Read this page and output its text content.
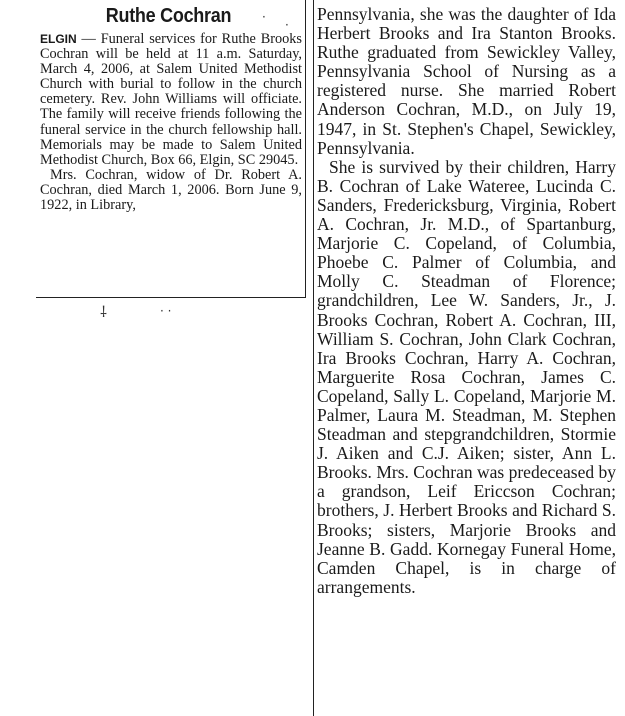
Ruthe Cochran

ELGIN — Funeral services for Ruthe Brooks Cochran will be held at 11 a.m. Saturday, March 4, 2006, at Salem United Methodist Church with burial to follow in the church cemetery. Rev. John Williams will officiate. The family will receive friends following the funeral service in the church fellowship hall. Memorials may be made to Salem United Methodist Church, Box 66, Elgin, SC 29045.

Mrs. Cochran, widow of Dr. Robert A. Cochran, died March 1, 2006. Born June 9, 1922, in Library,

Pennsylvania, she was the daughter of Ida Herbert Brooks and Ira Stanton Brooks. Ruthe graduated from Sewickley Valley, Pennsylvania School of Nursing as a registered nurse. She married Robert Anderson Cochran, M.D., on July 19, 1947, in St. Stephen's Chapel, Sewickley, Pennsylvania.

She is survived by their children, Harry B. Cochran of Lake Wateree, Lucinda C. Sanders, Fredericksburg, Virginia, Robert A. Cochran, Jr. M.D., of Spartanburg, Marjorie C. Copeland, of Columbia, Phoebe C. Palmer of Columbia, and Molly C. Steadman of Florence; grandchildren, Lee W. Sanders, Jr., J. Brooks Cochran, Robert A. Cochran, III, William S. Cochran, John Clark Cochran, Ira Brooks Cochran, Harry A. Cochran, Marguerite Rosa Cochran, James C. Copeland, Sally L. Copeland, Marjorie M. Palmer, Laura M. Steadman, M. Stephen Steadman and stepgrandchildren, Stormie J. Aiken and C.J. Aiken; sister, Ann L. Brooks. Mrs. Cochran was predeceased by a grandson, Leif Ericcson Cochran; brothers, J. Herbert Brooks and Richard S. Brooks; sisters, Marjorie Brooks and Jeanne B. Gadd. Kornegay Funeral Home, Camden Chapel, is in charge of arrangements.

·
·
⸸	· ·
